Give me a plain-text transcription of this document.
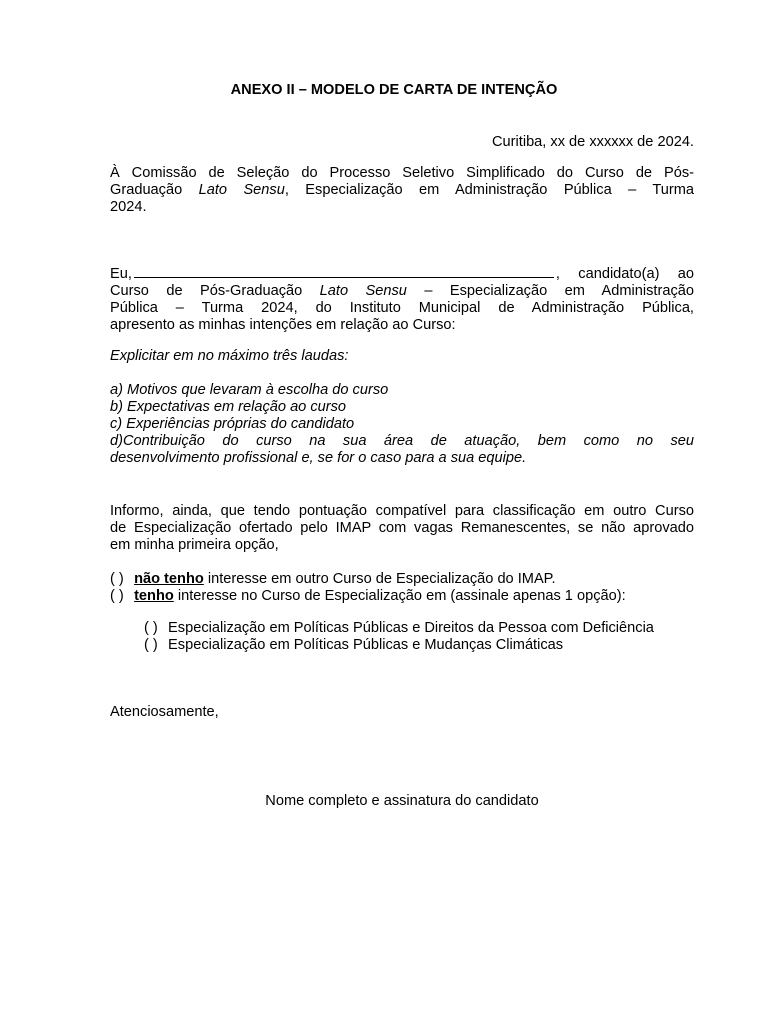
ANEXO II – MODELO DE CARTA DE INTENÇÃO
Curitiba, xx de xxxxxx de 2024.
À Comissão de Seleção do Processo Seletivo Simplificado do Curso de Pós-
Graduação Lato Sensu, Especialização em Administração Pública – Turma
2024.
Eu,	, candidato(a) ao
Curso de Pós-Graduação Lato Sensu – Especialização em Administração
Pública – Turma 2024, do Instituto Municipal de Administração Pública,
apresento as minhas intenções em relação ao Curso:
Explicitar em no máximo três laudas:
a) Motivos que levaram à escolha do curso
b) Expectativas em relação ao curso
c) Experiências próprias do candidato
d)Contribuição do curso na sua área de atuação, bem como no seu
desenvolvimento profissional e, se for o caso para a sua equipe.
Informo, ainda, que tendo pontuação compatível para classificação em outro Curso
de Especialização ofertado pelo IMAP com vagas Remanescentes, se não aprovado
em minha primeira opção,
( ) não tenho interesse em outro Curso de Especialização do IMAP.
( ) tenho interesse no Curso de Especialização em (assinale apenas 1 opção):
( ) Especialização em Políticas Públicas e Direitos da Pessoa com Deficiência
( ) Especialização em Políticas Públicas e Mudanças Climáticas
Atenciosamente,
Nome completo e assinatura do candidato
